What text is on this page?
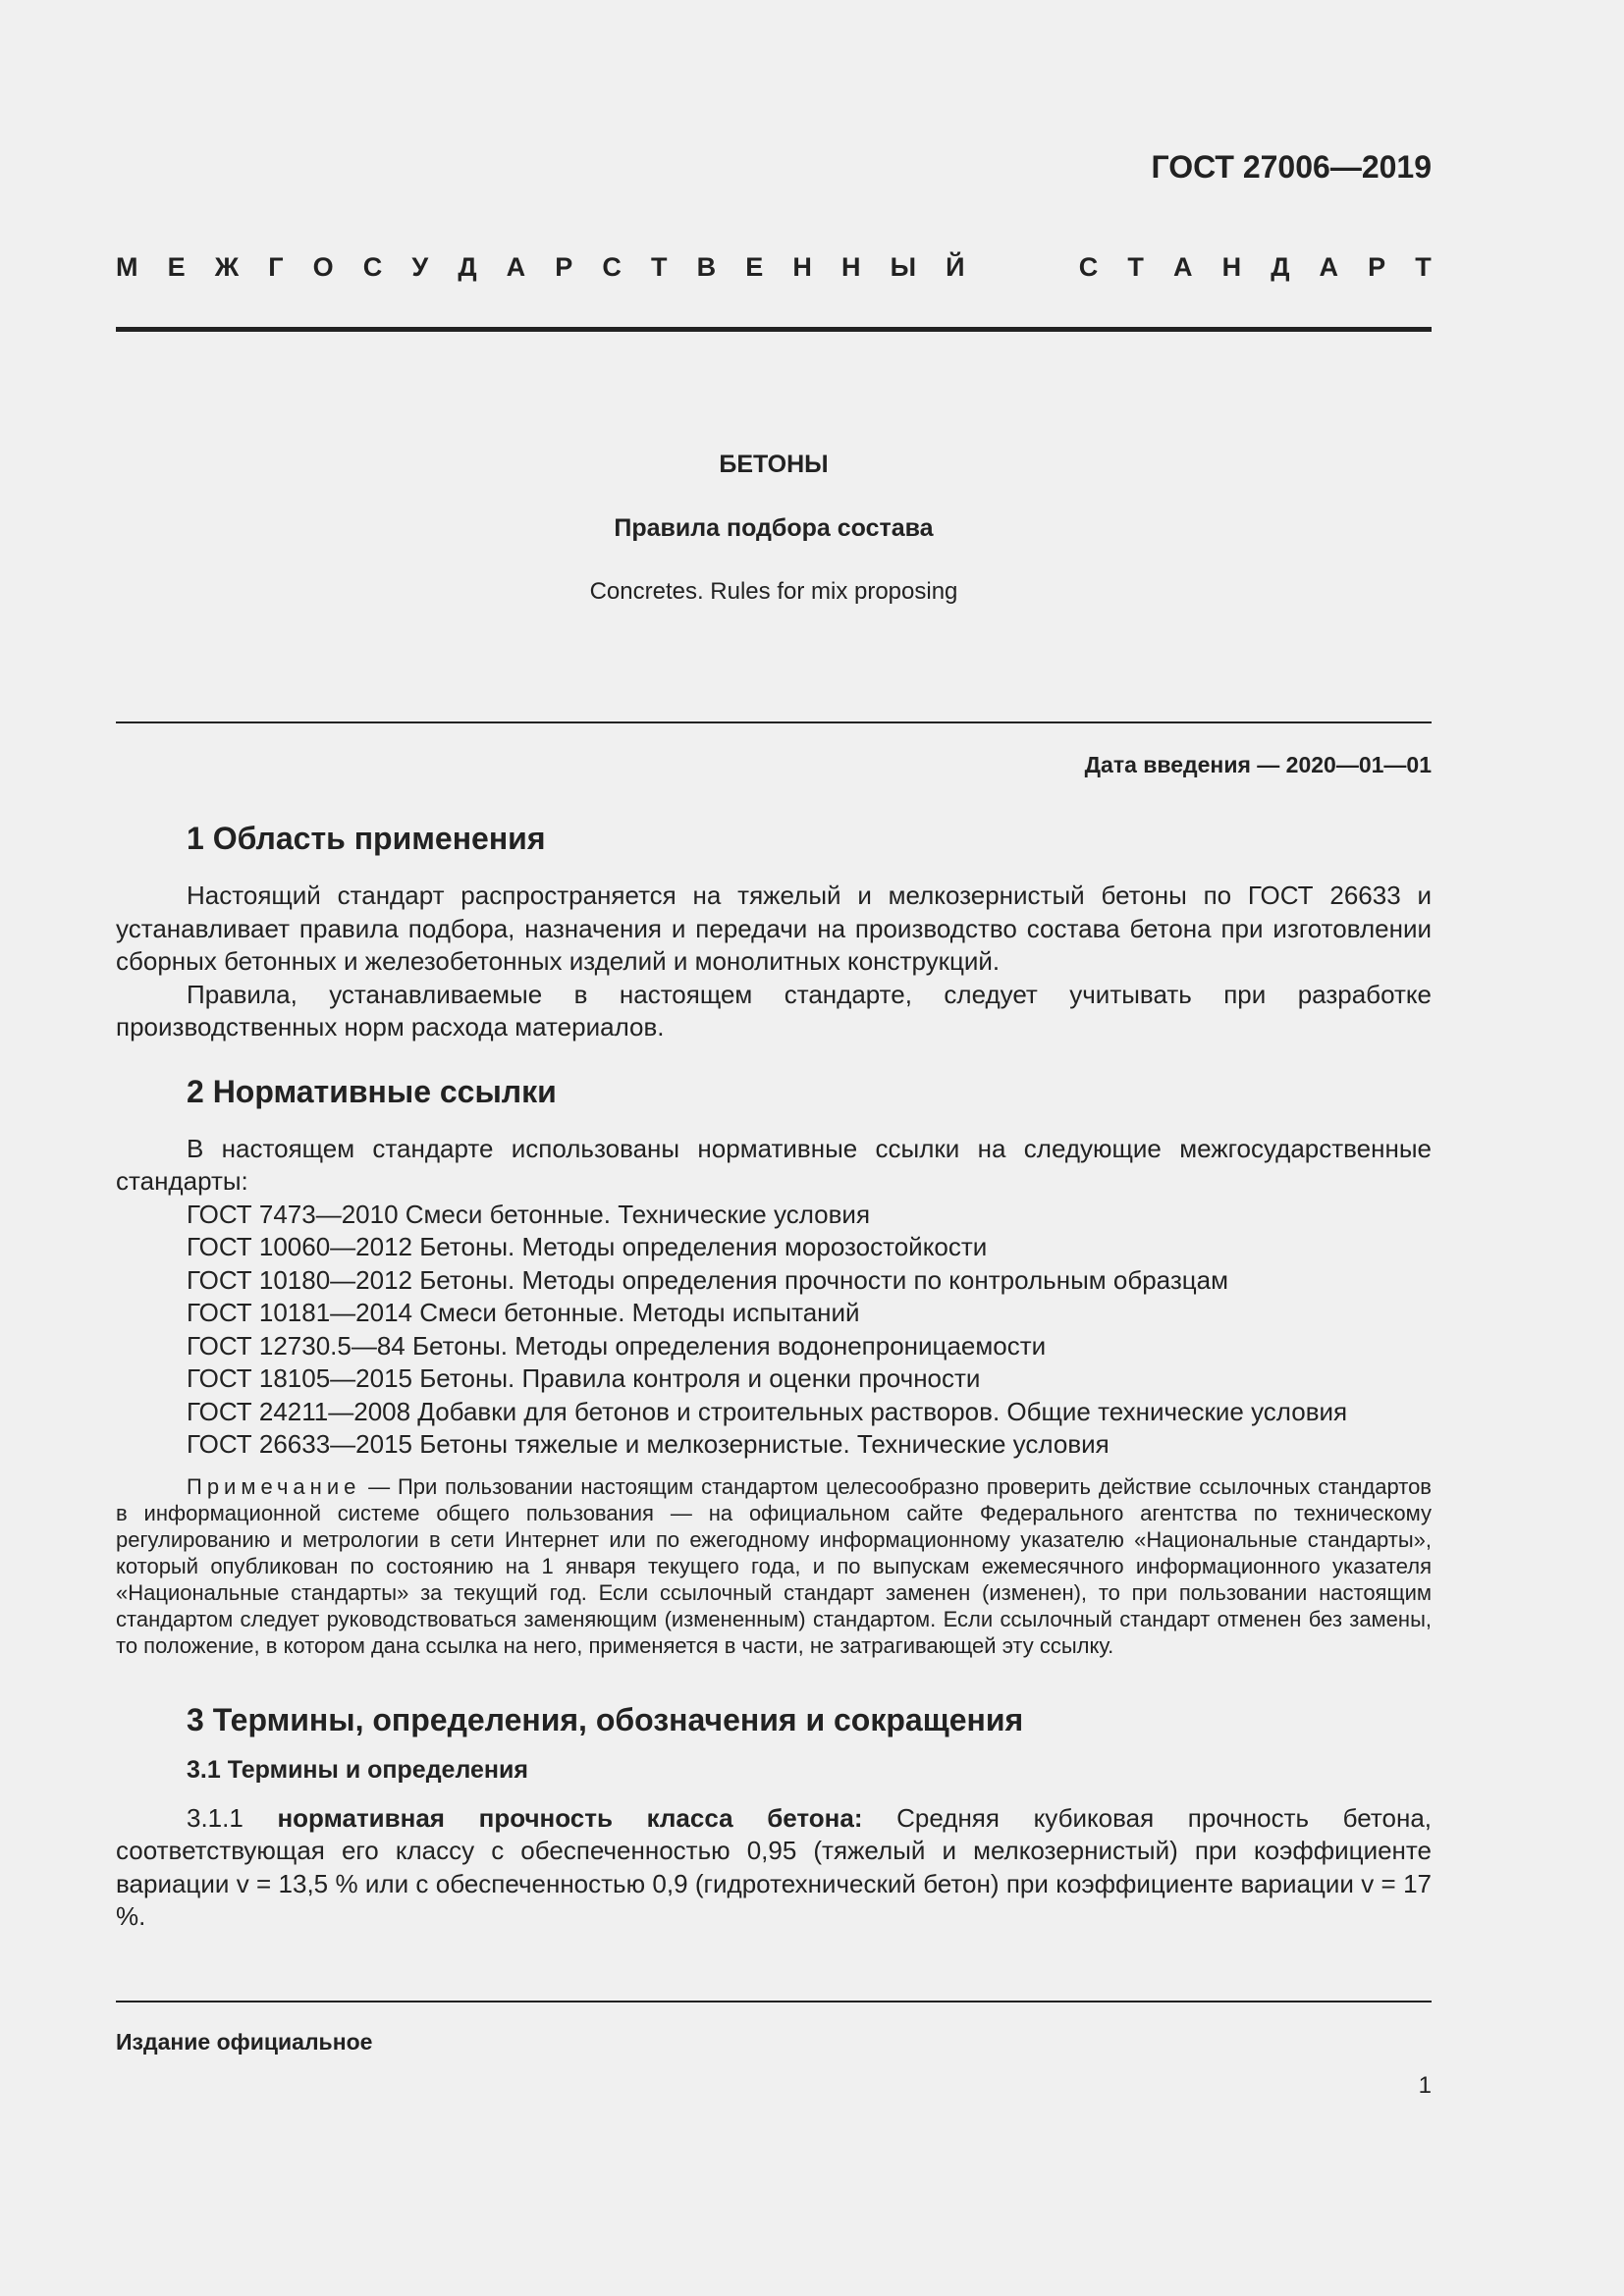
ГОСТ 27006—2019
М Е Ж Г О С У Д А Р С Т В Е Н Н Ы Й	С Т А Н Д А Р Т
БЕТОНЫ
Правила подбора состава
Concretes. Rules for mix proposing
Дата введения — 2020—01—01
1 Область применения

Настоящий стандарт распространяется на тяжелый и мелкозернистый бетоны по ГОСТ 26633 и устанавливает правила подбора, назначения и передачи на производство состава бетона при изготовлении сборных бетонных и железобетонных изделий и монолитных конструкций.

Правила, устанавливаемые в настоящем стандарте, следует учитывать при разработке производственных норм расхода материалов.

2 Нормативные ссылки

В настоящем стандарте использованы нормативные ссылки на следующие межгосударственные стандарты:

ГОСТ 7473—2010 Смеси бетонные. Технические условия

ГОСТ 10060—2012 Бетоны. Методы определения морозостойкости

ГОСТ 10180—2012 Бетоны. Методы определения прочности по контрольным образцам

ГОСТ 10181—2014 Смеси бетонные. Методы испытаний

ГОСТ 12730.5—84 Бетоны. Методы определения водонепроницаемости

ГОСТ 18105—2015 Бетоны. Правила контроля и оценки прочности

ГОСТ 24211—2008 Добавки для бетонов и строительных растворов. Общие технические условия

ГОСТ 26633—2015 Бетоны тяжелые и мелкозернистые. Технические условия

Примечание — При пользовании настоящим стандартом целесообразно проверить действие ссылочных стандартов в информационной системе общего пользования — на официальном сайте Федерального агентства по техническому регулированию и метрологии в сети Интернет или по ежегодному информационному указателю «Национальные стандарты», который опубликован по состоянию на 1 января текущего года, и по выпускам ежемесячного информационного указателя «Национальные стандарты» за текущий год. Если ссылочный стандарт заменен (изменен), то при пользовании настоящим стандартом следует руководствоваться заменяющим (измененным) стандартом. Если ссылочный стандарт отменен без замены, то положение, в котором дана ссылка на него, применяется в части, не затрагивающей эту ссылку.

3 Термины, определения, обозначения и сокращения
3.1 Термины и определения

3.1.1 нормативная прочность класса бетона: Средняя кубиковая прочность бетона, соответствующая его классу с обеспеченностью 0,95 (тяжелый и мелкозернистый) при коэффициенте вариации v = 13,5 % или с обеспеченностью 0,9 (гидротехнический бетон) при коэффициенте вариации v = 17 %.

Издание официальное
1
